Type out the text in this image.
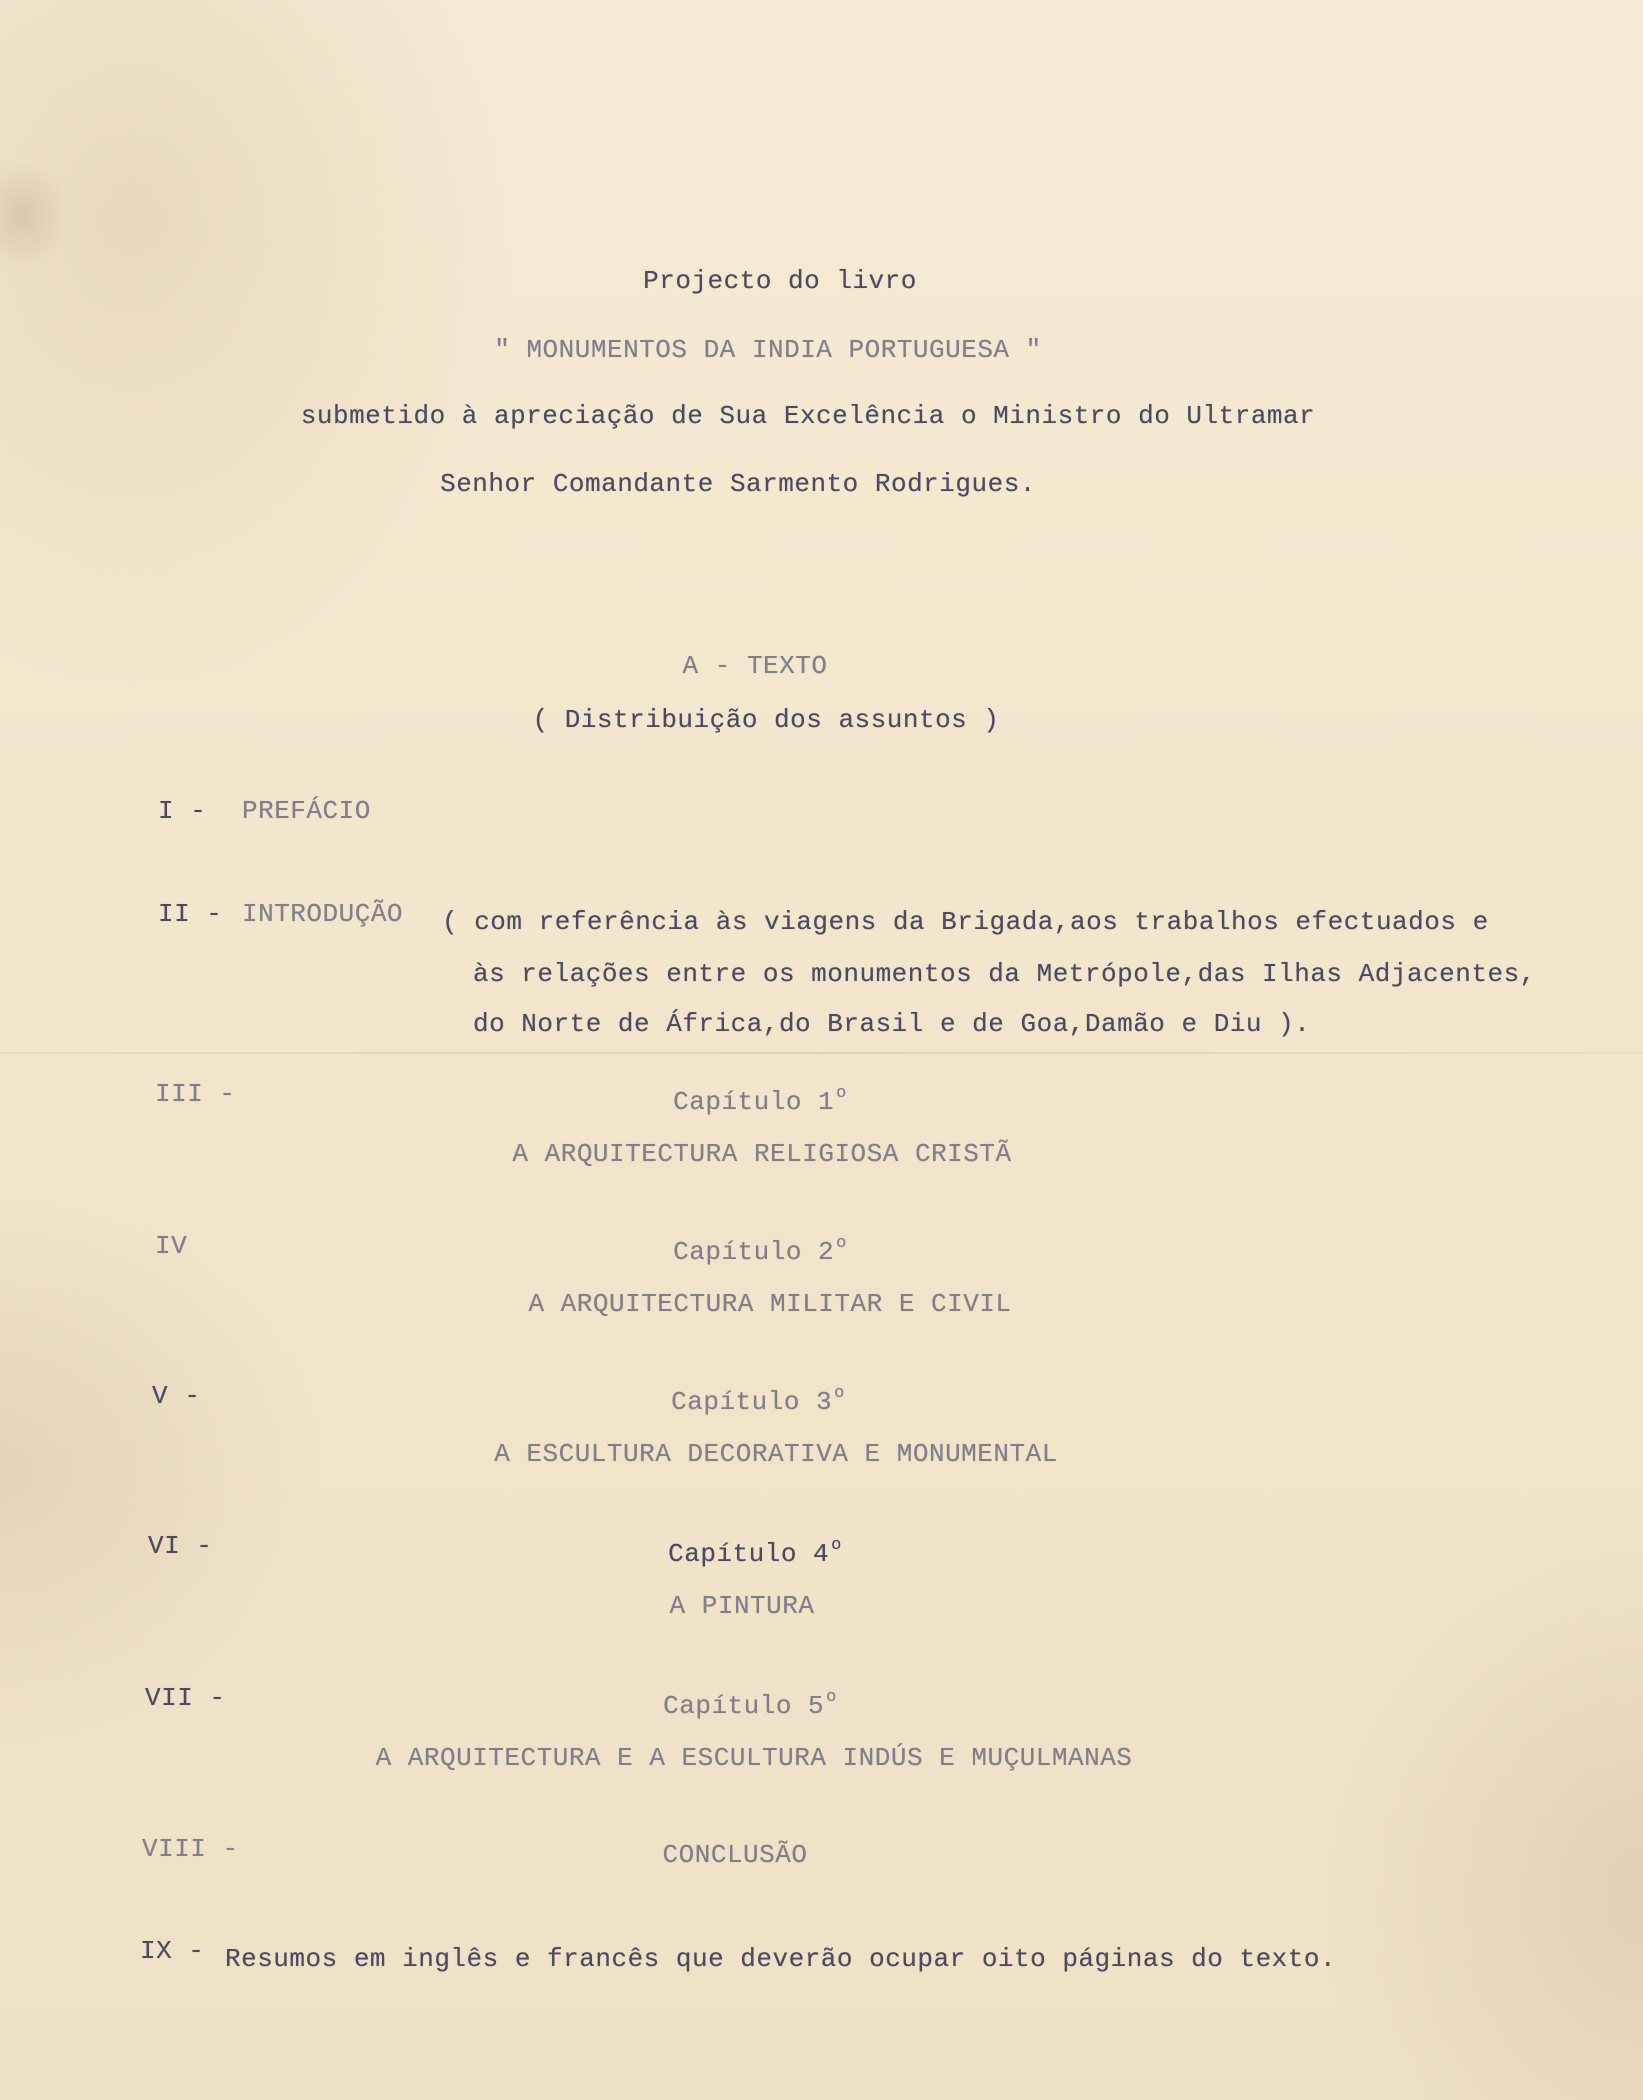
Projecto do livro
" MONUMENTOS DA INDIA PORTUGUESA "
submetido à apreciação de Sua Excelência o Ministro do Ultramar
Senhor Comandante Sarmento Rodrigues.
A - TEXTO
( Distribuição dos assuntos )
I - PREFÁCIO
II - INTRODUÇÃO ( com referência às viagens da Brigada,aos trabalhos efectuados e
às relações entre os monumentos da Metrópole,das Ilhas Adjacentes,
do Norte de África,do Brasil e de Goa,Damão e Diu ).
III -	Capítulo 1 $^o$
A ARQUITECTURA RELIGIOSA CRISTÃ
IV	Capítulo 2 $^o$
A ARQUITECTURA MILITAR E CIVIL
V -	Capítulo 3 $^o$
A ESCULTURA DECORATIVA E MONUMENTAL
VI -	Capítulo 4 $^o$
A PINTURA
VII -	Capítulo 5 $^o$
A ARQUITECTURA E A ESCULTURA INDÚS E MUÇULMANAS
VIII -	CONCLUSÃO
IX - Resumos em inglês e francês que deverão ocupar oito páginas do texto.
